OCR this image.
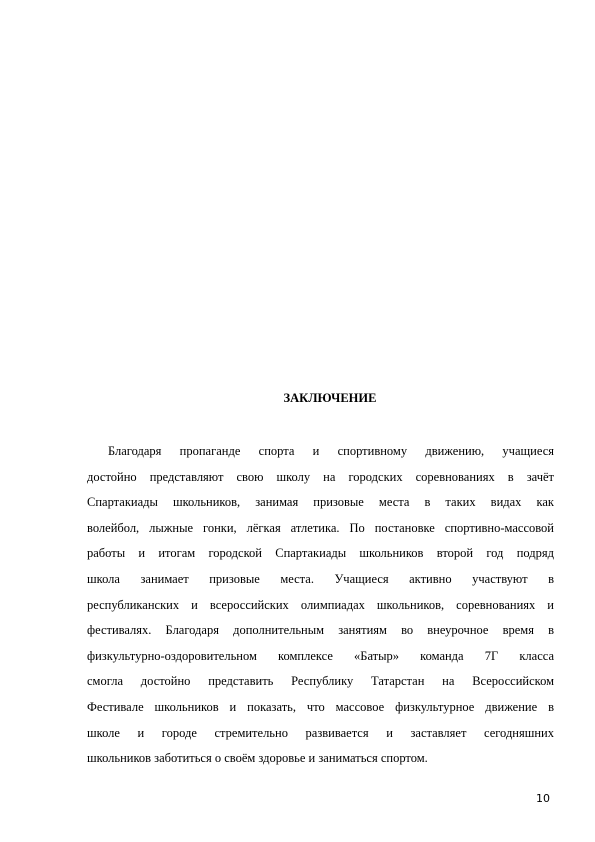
ЗАКЛЮЧЕНИЕ
Благодаря пропаганде спорта и спортивному движению, учащиеся
достойно представляют свою школу на городских соревнованиях в зачёт
Спартакиады школьников, занимая призовые места в таких видах как
волейбол, лыжные гонки, лёгкая атлетика. По постановке спортивно-массовой
работы и итогам городской Спартакиады школьников второй год подряд
школа занимает призовые места. Учащиеся активно участвуют в
республиканских и всероссийских олимпиадах школьников, соревнованиях и
фестивалях. Благодаря дополнительным занятиям во внеурочное время в
физкультурно-оздоровительном комплексе «Батыр» команда 7Г класса
смогла достойно представить Республику Татарстан на Всероссийском
Фестивале школьников и показать, что массовое физкультурное движение в
школе и городе стремительно развивается и заставляет сегодняшних
школьников заботиться о своём здоровье и заниматься спортом.
10
